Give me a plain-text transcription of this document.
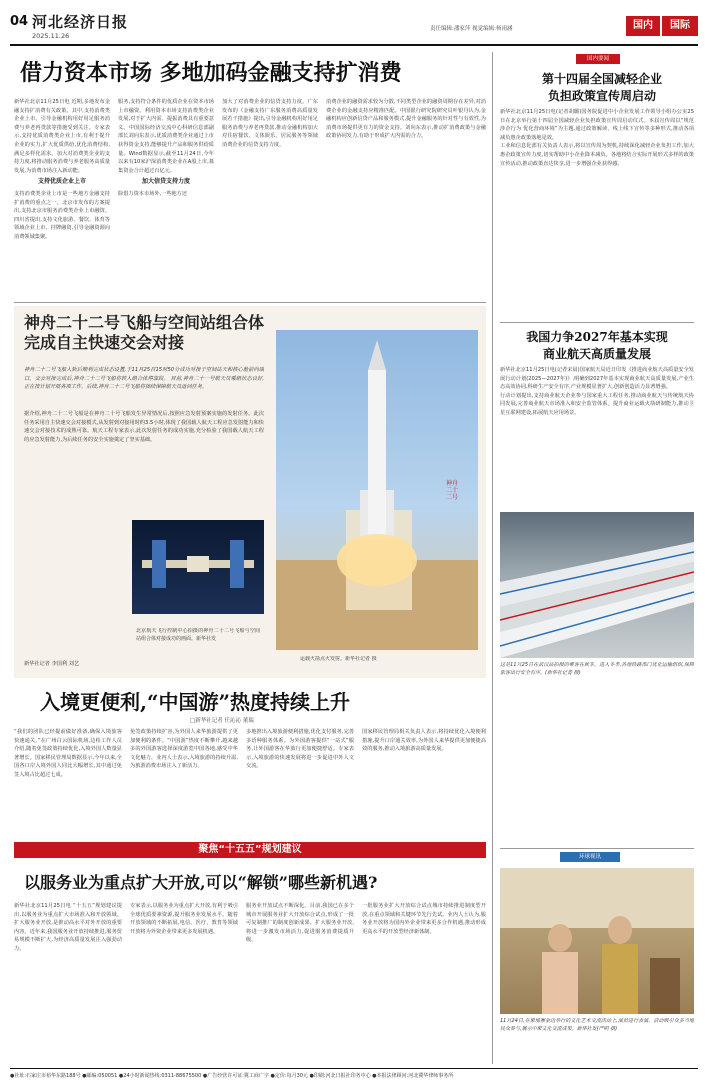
04 河北经济日报
2025.11.26
责任编辑:潘家萍 视觉编辑:杨雨涵	国内	国际
借力资本市场 多地加码金融支持扩消费
新华社北京11月25日电 近期,多地发布金融支持扩消费有关政策。其中,支持消费类企业上市、引导金融机构用好用足服务消费与养老再贷款等措施受到关注。专家表示,支持优质消费类企业上市,有利于提升企业的实力,扩大优质供给,优化消费结构,满足多样化需求。加大对消费类企业的支持力度,将推动服务消费与养老服务高质量发展,为消费市场注入新动能。
支持优质企业上市
支持消费类企业上市是一些地方金融支持扩消费的重点之一。北京市发布的方案提出,支持北京市服务消费类企业上市融资。四川省提出,支持文化旅游、餐饮、体育等领域企业上市、挂牌融资,引导金融资源向消费领域集聚。
服务,支持符合条件的优质企业在资本市场上市融资。利用资本市场支持消费类企业发展,对于扩大内需、提振消费具有重要意义。中国国际经济交流中心科研信息部副部长刘向东表示,优质消费类企业通过上市获得资金支持,能够提升产品和服务供给质量。Wind数据显示,截至11月24日,今年以来有10家沪深消费类企业在A股上市,募集资金合计超过百亿元。
加大信贷支持力度
除借力资本市场外,一些地方还
加大了对消费企业的信贷支持力度。广东发布的《金融支持广东服务消费高质量发展若干措施》提出,引导金融机构用好用足服务消费与养老再贷款,推动金融机构加大对住宿餐饮、文体娱乐、居民服务等领域消费企业的信贷支持力度。
消费企业的融资需求较为分散,不同类型企业的融资周期存在差异,对消费企业的金融支持应精准匹配。中国银行研究院研究员叶银丹认为,金融机构应创新信贷产品和服务模式,提升金融服务的针对性与有效性,为消费市场提供更有力的资金支持。刘向东表示,推动扩消费政策与金融政策协同发力,有助于形成扩大内需的合力。
神舟二十二号飞船与空间站组合体
完成自主快速交会对接
神舟二十二号飞船入轨后顺利完成状态设置,于11月25日15时50分成功对接于空间站天和核心舱前向端口。交会对接完成后,神舟二十二号飞船将转入组合体停靠段。 目前,神舟二十一号航天员乘组状态良好,正在按计划开展各项工作。后续,神舟二十二号飞船将接续保障航天员返回任务。
据介绍,神舟二十二号飞船是在神舟二十号飞船发生异常情况后,按照应急发射预案实施的发射任务。此次任务采用自主快速交会对接模式,从发射到对接用时约3.5小时,体现了我国载人航天工程应急发射能力和快速交会对接技术的成熟可靠。航天工程专家表示,此次发射任务的成功实施,充分检验了我国载人航天工程的应急发射能力,为后续任务的安全实施奠定了坚实基础。
新华社记者 李国利 刘艺
北京航天飞行控制中心拍摄的神舟二十二号飞船与空间站组合体对接成功的画面。新华社发
神舟二十二号
运载火箭点火发射。新华社记者 摄
入境更便利,“中国游”热度持续上升
□新华社记者 任沁沁 董瑞
“我们的团队已经提前做好准备,确保入境旅客快速通关。”在广州白云国际机场,边检工作人员介绍,随着免签政策持续优化,入境外国人数量显著增长。国家移民管理局数据显示,今年以来,全国各口岸入境外国人同比大幅增长,其中通过免签入境占比超过七成。
免签政策持续扩容,为外国人来华旅游提供了更加便利的条件。“中国游”热度不断攀升,越来越多的外国游客选择深度游览中国各地,感受中华文化魅力。业内人士表示,入境旅游的持续升温,为旅游消费市场注入了新活力。
多地推出入境旅游便利措施,优化支付服务,完善多语种服务体系。为外国游客提供“一站式”服务,让外国游客在华旅行更加便捷舒适。专家表示,入境旅游的快速发展将进一步促进中外人文交流。
国家移民管理局相关负责人表示,将持续优化入境便利措施,提升口岸通关效率,为外国人来华提供更加便捷高效的服务,推动入境旅游高质量发展。
聚焦“十五五”规划建议
以服务业为重点扩大开放,可以“解锁”哪些新机遇?
新华社北京11月25日电 “十五五”规划建议提出,以服务业为重点扩大市场准入和开放领域。扩大服务业开放,是推动高水平对外开放的重要内容。近年来,我国服务业开放持续推进,服务贸易规模不断扩大,为经济高质量发展注入强劲动力。
专家表示,以服务业为重点扩大开放,有利于吸引全球优质要素资源,提升服务业发展水平。随着开放领域的不断拓展,电信、医疗、教育等领域开放将为外资企业带来更多发展机遇。
服务业开放试点不断深化。目前,我国已在多个城市开展服务业扩大开放综合试点,形成了一批可复制推广的制度创新成果。扩大服务业开放,将进一步激发市场活力,促进服务消费提质升级。
一批服务业扩大开放综合试点城市持续推进制度型开放,在重点领域和关键环节先行先试。业内人士认为,服务业开放将为国内外企业带来更多合作机遇,推动形成更高水平的开放型经济新体制。
国内要闻
第十四届全国减轻企业
负担政策宣传周启动
新华社北京11月25日电(记者胡璐)国务院促进中小企业发展工作领导小组办公室25日在北京举行第十四届全国减轻企业负担政策宣传周启动仪式。本届宣传周以“规范涉企行为 优化营商环境”为主题,通过政策解读、线上线下宣传等多种形式,推动各项减负惠企政策落地见效。
工业和信息化部有关负责人表示,将以宣传周为契机,持续深化减轻企业负担工作,加大惠企政策宣传力度,切实帮助中小企业降本减负。各地将结合实际开展形式多样的政策宣传活动,推动政策直达快享,进一步增强企业获得感。
我国力争2027年基本实现
商业航天高质量发展
新华社北京11月25日电(记者宋晨)国家航天局近日印发《推进商业航天高质量安全发展行动计划(2025—2027年)》,明确到2027年基本实现商业航天高质量发展,产业生态高效协同,科研生产安全有序,产业规模显著扩大,创新创造活力显著增强。
行动计划提出,支持商业航天企业参与国家重大工程任务,推动商业航天与传统航天协同发展,完善商业航天市场准入和安全监管体系。提升商业运载火箭研制能力,推动卫星互联网建设,拓展航天应用场景。
这是11月25日在武汉站拍摄的乘客在候车。进入冬季,各地铁路部门优化运输组织,保障旅客出行安全有序。(新华社记者 摄)
环球视讯
11月24日,在柬埔寨金边举行的文化艺术交流活动上,演员进行表演。活动吸引众多当地民众参与,展示中柬文化交流成果。新华社发(严明 摄)
●社址:石家庄市裕华东路188号 ●邮编:050051 ●24小时新闻热线:0311-88675500 ●广告经营许可证:冀工商广字 ●定价:每月30元 ●印刷:河北日报社印务中心 ●本报法律顾问:河北冀华律师事务所
